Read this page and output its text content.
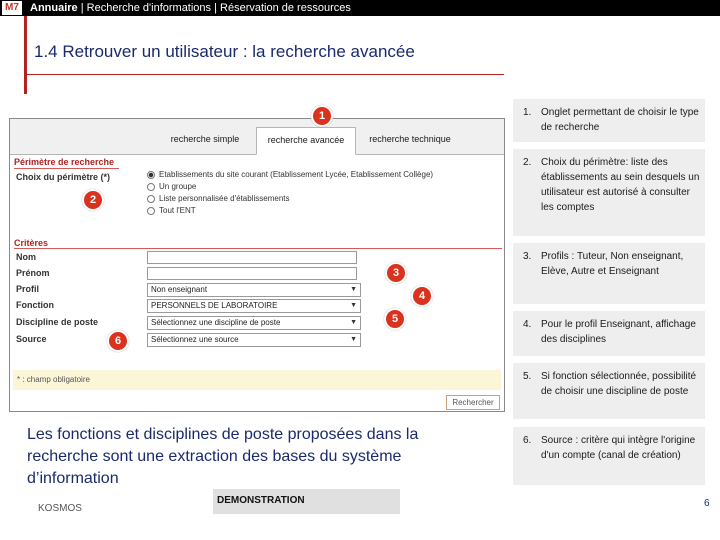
M7 Annuaire | Recherche d'informations | Réservation de ressources
1.4 Retrouver un utilisateur : la recherche avancée
recherche simple	recherche avancée	recherche technique
Périmètre de recherche
Choix du périmètre (*)	Etablissements du site courant (Etablissement Lycée, Etablissement Collège)
Un groupe
Liste personnalisée d'établissements
Tout l'ENT
Critères
Nom
Prénom
Profil	Non enseignant	▼
Fonction	PERSONNELS DE LABORATOIRE	▼
Discipline de poste	Sélectionnez une discipline de poste	▼
Source	Sélectionnez une source	▼
* : champ obligatoire
Rechercher
1
2
3
4
5
6
1. Onglet permettant de choisir le type de recherche
2. Choix du périmètre: liste des établissements au sein desquels un utilisateur est autorisé à consulter les comptes
3. Profils : Tuteur, Non enseignant, Elève, Autre et Enseignant
4. Pour le profil Enseignant, affichage des disciplines
5. Si fonction sélectionnée, possibilité de choisir une discipline de poste
6. Source : critère qui intègre l'origine d'un compte (canal de création)
Les fonctions et disciplines de poste proposées dans la recherche sont une extraction des bases du système d’information
KOSMOS
DEMONSTRATION	6
